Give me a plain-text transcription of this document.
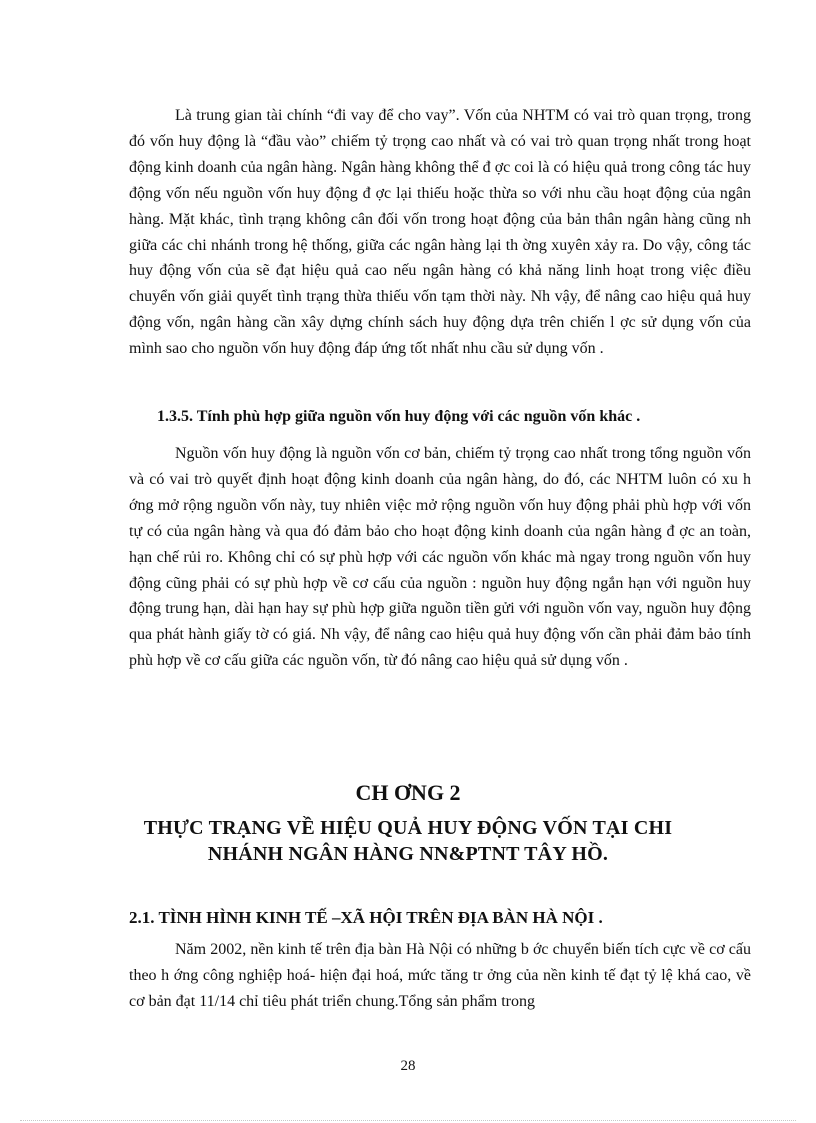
Là trung gian tài chính “đi vay để cho vay”. Vốn của NHTM có vai trò quan trọng, trong đó vốn huy động là “đầu vào” chiếm tỷ trọng cao nhất và có vai trò quan trọng nhất trong hoạt động kinh doanh của ngân hàng. Ngân hàng không thể đ ợc coi là có hiệu quả trong công tác huy động vốn nếu nguồn vốn huy động đ ợc lại thiếu hoặc thừa so với nhu cầu hoạt động của ngân hàng. Mặt khác, tình trạng không cân đối vốn trong hoạt động của bản thân ngân hàng cũng nh giữa các chi nhánh trong hệ thống, giữa các ngân hàng lại th ờng xuyên xảy ra. Do vậy, công tác huy động vốn của sẽ đạt hiệu quả cao nếu ngân hàng có khả năng linh hoạt trong việc điều chuyển vốn giải quyết tình trạng thừa thiếu vốn tạm thời này. Nh vậy, để nâng cao hiệu quả huy động vốn, ngân hàng cần xây dựng chính sách huy động dựa trên chiến l ợc sử dụng vốn của mình sao cho nguồn vốn huy động đáp ứng tốt nhất nhu cầu sử dụng vốn .

1.3.5. Tính phù hợp giữa nguồn vốn huy động với các nguồn vốn khác .

Nguồn vốn huy động là nguồn vốn cơ bản, chiếm tỷ trọng cao nhất trong tổng nguồn vốn và có vai trò quyết định hoạt động kinh doanh của ngân hàng, do đó, các NHTM luôn có xu h ớng mở rộng nguồn vốn này, tuy nhiên việc mở rộng nguồn vốn huy động phải phù hợp với vốn tự có của ngân hàng và qua đó đảm bảo cho hoạt động kinh doanh của ngân hàng đ ợc an toàn, hạn chế rủi ro. Không chỉ có sự phù hợp với các nguồn vốn khác mà ngay trong nguồn vốn huy động cũng phải có sự phù hợp về cơ cấu của nguồn : nguồn huy động ngắn hạn với nguồn huy động trung hạn, dài hạn hay sự phù hợp giữa nguồn tiền gửi với nguồn vốn vay, nguồn huy động qua phát hành giấy tờ có giá. Nh vậy, để nâng cao hiệu quả huy động vốn cần phải đảm bảo tính phù hợp về cơ cấu giữa các nguồn vốn, từ đó nâng cao hiệu quả sử dụng vốn .

CH ƠNG 2
THỰC TRẠNG VỀ HIỆU QUẢ HUY ĐỘNG VỐN TẠI CHI
NHÁNH NGÂN HÀNG NN&PTNT TÂY HỒ.
2.1. TÌNH HÌNH KINH TẾ –XÃ HỘI TRÊN ĐỊA BÀN HÀ NỘI .

Năm 2002, nền kinh tế trên địa bàn Hà Nội có những b ớc chuyển biến tích cực về cơ cấu theo h ớng công nghiệp hoá- hiện đại hoá, mức tăng tr ởng của nền kinh tế đạt tỷ lệ khá cao, về cơ bản đạt 11/14 chỉ tiêu phát triển chung.Tổng sản phẩm trong

28
